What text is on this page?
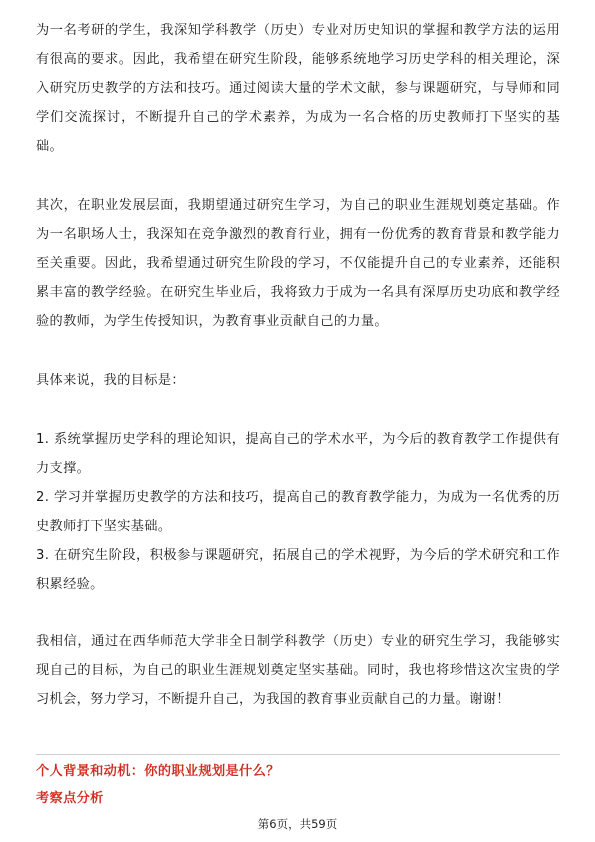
为一名考研的学生，我深知学科教学（历史）专业对历史知识的掌握和教学方法的运用有很高的要求。因此，我希望在研究生阶段，能够系统地学习历史学科的相关理论，深入研究历史教学的方法和技巧。通过阅读大量的学术文献，参与课题研究，与导师和同学们交流探讨，不断提升自己的学术素养，为成为一名合格的历史教师打下坚实的基础。

其次，在职业发展层面，我期望通过研究生学习，为自己的职业生涯规划奠定基础。作为一名职场人士，我深知在竞争激烈的教育行业，拥有一份优秀的教育背景和教学能力至关重要。因此，我希望通过研究生阶段的学习，不仅能提升自己的专业素养，还能积累丰富的教学经验。在研究生毕业后，我将致力于成为一名具有深厚历史功底和教学经验的教师，为学生传授知识，为教育事业贡献自己的力量。

具体来说，我的目标是：

1. 系统掌握历史学科的理论知识，提高自己的学术水平，为今后的教育教学工作提供有力支撑。

2. 学习并掌握历史教学的方法和技巧，提高自己的教育教学能力，为成为一名优秀的历史教师打下坚实基础。

3. 在研究生阶段，积极参与课题研究，拓展自己的学术视野，为今后的学术研究和工作积累经验。

我相信，通过在西华师范大学非全日制学科教学（历史）专业的研究生学习，我能够实现自己的目标，为自己的职业生涯规划奠定坚实基础。同时，我也将珍惜这次宝贵的学习机会，努力学习，不断提升自己，为我国的教育事业贡献自己的力量。谢谢！

个人背景和动机：你的职业规划是什么？
考察点分析
第6页，共59页
